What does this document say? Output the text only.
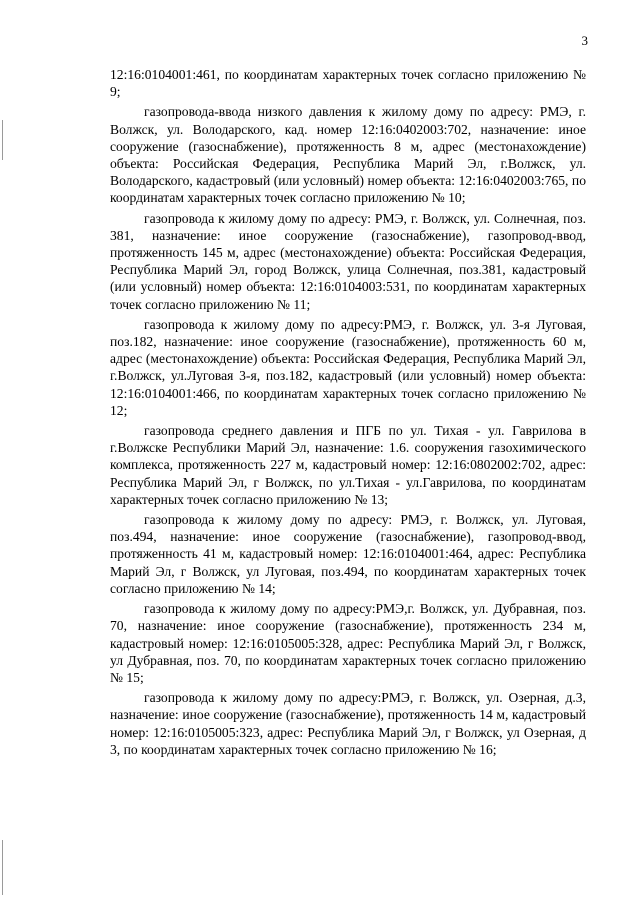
3

12:16:0104001:461, по координатам характерных точек согласно приложению № 9;

газопровода-ввода низкого давления к жилому дому по адресу: РМЭ, г. Волжск, ул. Володарского, кад. номер 12:16:0402003:702, назначение: иное сооружение (газоснабжение), протяженность 8 м, адрес (местонахождение) объекта: Российская Федерация, Республика Марий Эл, г.Волжск, ул. Володарского, кадастровый (или условный) номер объекта: 12:16:0402003:765, по координатам характерных точек согласно приложению № 10;

газопровода к жилому дому по адресу: РМЭ, г. Волжск, ул. Солнечная, поз. 381, назначение: иное сооружение (газоснабжение), газопровод-ввод, протяженность 145 м, адрес (местонахождение) объекта: Российская Федерация, Республика Марий Эл, город Волжск, улица Солнечная, поз.381, кадастровый (или условный) номер объекта: 12:16:0104003:531, по координатам характерных точек согласно приложению № 11;

газопровода к жилому дому по адресу:РМЭ, г. Волжск, ул. 3-я Луговая, поз.182, назначение: иное сооружение (газоснабжение), протяженность 60 м, адрес (местонахождение) объекта: Российская Федерация, Республика Марий Эл, г.Волжск, ул.Луговая 3-я, поз.182, кадастровый (или условный) номер объекта: 12:16:0104001:466, по координатам характерных точек согласно приложению № 12;

газопровода среднего давления и ПГБ по ул. Тихая - ул. Гаврилова в г.Волжске Республики Марий Эл, назначение: 1.6. сооружения газохимического комплекса, протяженность 227 м, кадастровый номер: 12:16:0802002:702, адрес: Республика Марий Эл, г Волжск, по ул.Тихая - ул.Гаврилова, по координатам характерных точек согласно приложению № 13;

газопровода к жилому дому по адресу: РМЭ, г. Волжск, ул. Луговая, поз.494, назначение: иное сооружение (газоснабжение), газопровод-ввод, протяженность 41 м, кадастровый номер: 12:16:0104001:464, адрес: Республика Марий Эл, г Волжск, ул Луговая, поз.494, по координатам характерных точек согласно приложению № 14;

газопровода к жилому дому по адресу:РМЭ,г. Волжск, ул. Дубравная, поз. 70, назначение: иное сооружение (газоснабжение), протяженность 234 м, кадастровый номер: 12:16:0105005:328, адрес: Республика Марий Эл, г Волжск, ул Дубравная, поз. 70, по координатам характерных точек согласно приложению № 15;

газопровода к жилому дому по адресу:РМЭ, г. Волжск, ул. Озерная, д.3, назначение: иное сооружение (газоснабжение), протяженность 14 м, кадастровый номер: 12:16:0105005:323, адрес: Республика Марий Эл, г Волжск, ул Озерная, д 3, по координатам характерных точек согласно приложению № 16;
